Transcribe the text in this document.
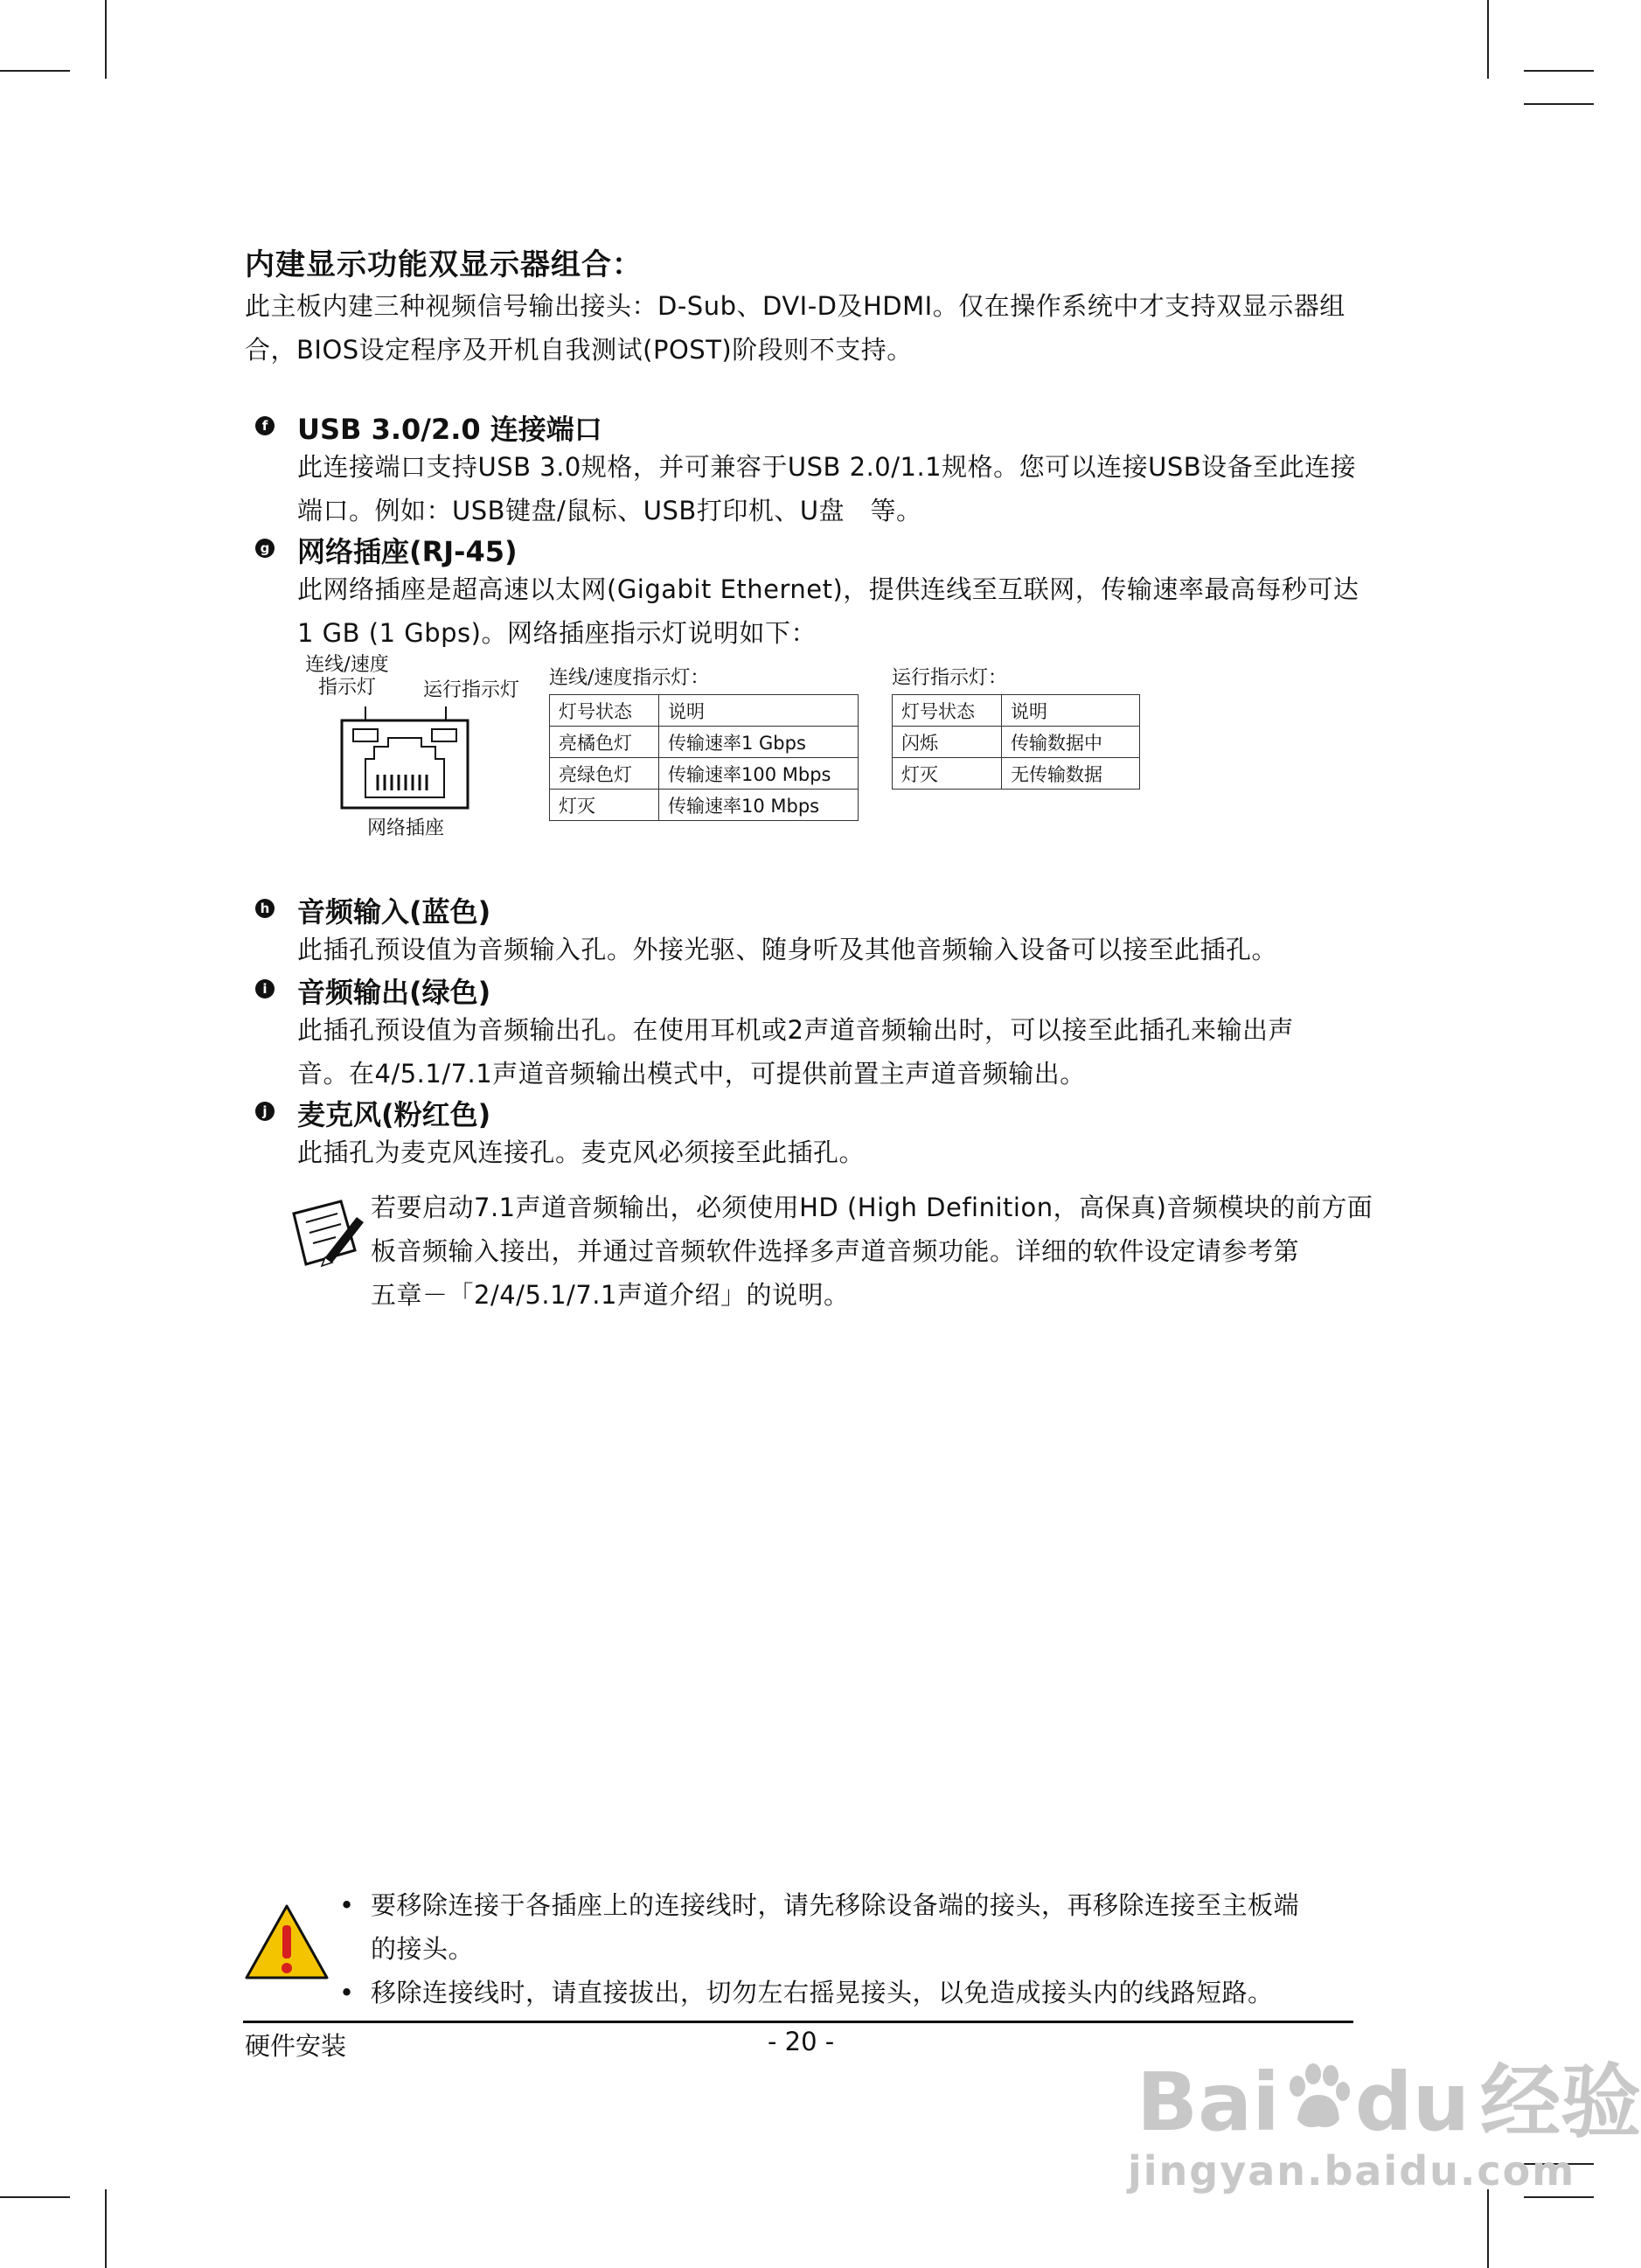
内建显示功能双显示器组合：
此主板内建三种视频信号输出接头：D-Sub、DVI-D及HDMI。仅在操作系统中才支持双显示器组
合，BIOS设定程序及开机自我测试(POST)阶段则不支持。
f USB 3.0/2.0 连接端口
此连接端口支持USB 3.0规格，并可兼容于USB 2.0/1.1规格。您可以连接USB设备至此连接
端口。例如：USB键盘/鼠标、USB打印机、U盘　等。
g 网络插座(RJ-45)
此网络插座是超高速以太网(Gigabit Ethernet)，提供连线至互联网，传输速率最高每秒可达
1 GB (1 Gbps)。网络插座指示灯说明如下：
连线/速度
指示灯	运行指示灯
网络插座
连线/速度指示灯：
灯号状态	说明
亮橘色灯	传输速率1 Gbps
亮绿色灯	传输速率100 Mbps
灯灭	传输速率10 Mbps
运行指示灯：
灯号状态	说明
闪烁	传输数据中
灯灭	无传输数据
h 音频输入(蓝色)
此插孔预设值为音频输入孔。外接光驱、随身听及其他音频输入设备可以接至此插孔。
i 音频输出(绿色)
此插孔预设值为音频输出孔。在使用耳机或2声道音频输出时，可以接至此插孔来输出声
音。在4/5.1/7.1声道音频输出模式中，可提供前置主声道音频输出。
j 麦克风(粉红色)
此插孔为麦克风连接孔。麦克风必须接至此插孔。
若要启动7.1声道音频输出，必须使用HD (High Definition，高保真)音频模块的前方面
板音频输入接出，并通过音频软件选择多声道音频功能。详细的软件设定请参考第
五章－「2/4/5.1/7.1声道介绍」的说明。
• 要移除连接于各插座上的连接线时，请先移除设备端的接头，再移除连接至主板端
的接头。
• 移除连接线时，请直接拔出，切勿左右摇晃接头，以免造成接头内的线路短路。
硬件安装	- 20 -
Bai du 经验
jingyan.baidu.com
